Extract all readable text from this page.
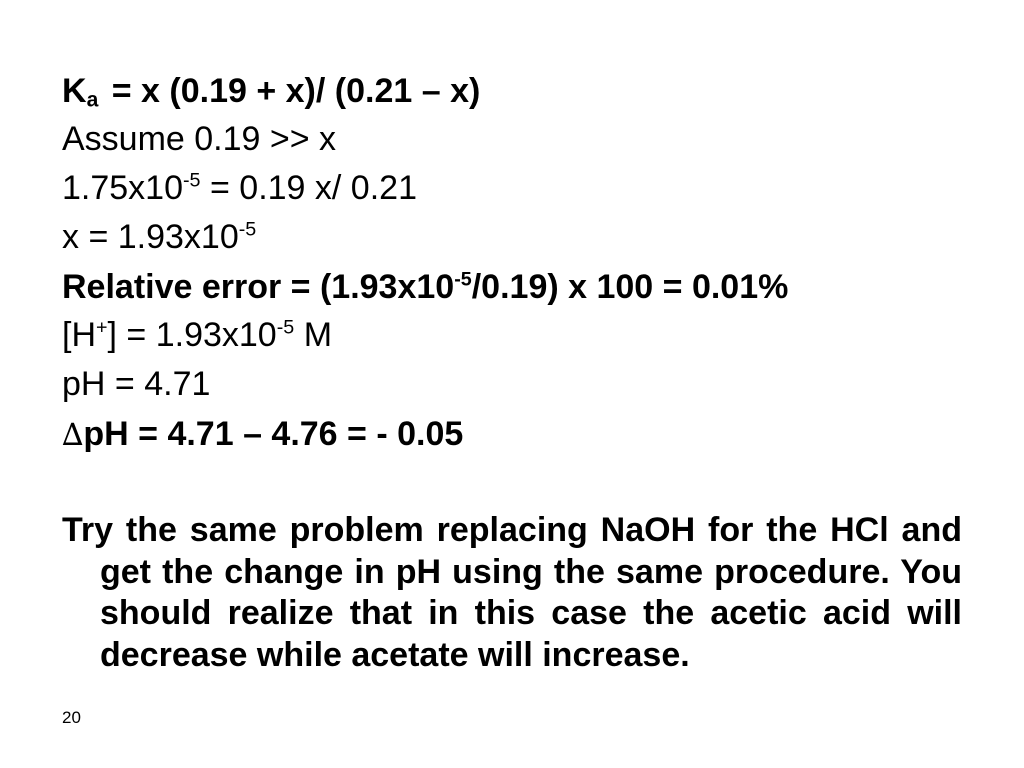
$K_a = x$ (0.19 + x)/ (0.21 – x)
Assume 0.19 >> x
$1.75x10^{-5} = 0.19$ x/ 0.21
$x = 1.93x10^{-5}$
Relative error = $(1.93x10^{-5}/0.19)$ x 100 = 0.01%
$[H^+] = 1.93x10^{-5}$ M
pH = 4.71
∆pH = 4.71 – 4.76 = - 0.05
Try the same problem replacing NaOH for the HCl and get the change in pH using the same procedure. You should realize that in this case the acetic acid will decrease while acetate will increase.
20
